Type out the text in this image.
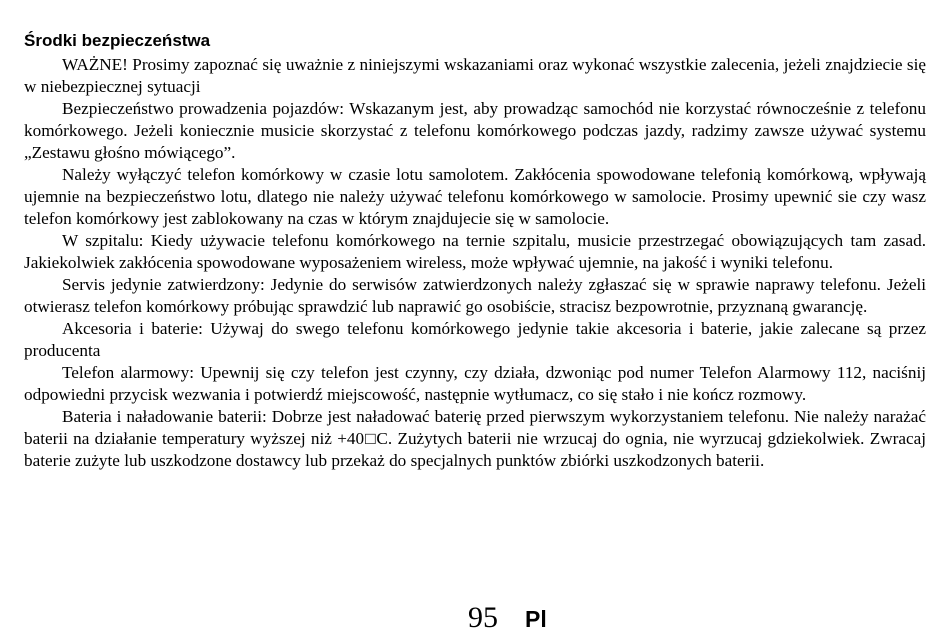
Środki bezpieczeństwa

WAŻNE! Prosimy zapoznać się uważnie z niniejszymi wskazaniami oraz wykonać wszystkie zalecenia, jeżeli znajdziecie się w niebezpiecznej sytuacji

Bezpieczeństwo prowadzenia pojazdów: Wskazanym jest, aby prowadząc samochód nie korzystać równocześnie z telefonu komórkowego. Jeżeli koniecznie musicie skorzystać z telefonu komórkowego podczas jazdy, radzimy zawsze używać systemu „Zestawu głośno mówiącego”.

Należy wyłączyć telefon komórkowy w czasie lotu samolotem. Zakłócenia spowodowane telefonią komórkową, wpływają ujemnie na bezpieczeństwo lotu, dlatego nie należy używać telefonu komórkowego w samolocie. Prosimy upewnić sie czy wasz telefon komórkowy jest zablokowany na czas w którym znajdujecie się w samolocie.

W szpitalu: Kiedy używacie telefonu komórkowego na ternie szpitalu, musicie przestrzegać obowiązujących tam zasad. Jakiekolwiek zakłócenia spowodowane wyposażeniem wireless, może wpływać ujemnie, na jakość i wyniki telefonu.

Servis jedynie zatwierdzony: Jedynie do serwisów zatwierdzonych należy zgłaszać się w sprawie naprawy telefonu. Jeżeli otwierasz telefon komórkowy próbując sprawdzić lub naprawić go osobiście, stracisz bezpowrotnie, przyznaną gwarancję.

Akcesoria i baterie: Używaj do swego telefonu komórkowego jedynie takie akcesoria i baterie, jakie zalecane są przez producenta

Telefon alarmowy: Upewnij się czy telefon jest czynny, czy działa, dzwoniąc pod numer Telefon Alarmowy 112, naciśnij odpowiedni przycisk wezwania i potwierdź miejscowość, następnie wytłumacz, co się stało i nie kończ rozmowy.

Bateria i naładowanie baterii: Dobrze jest naładować baterię przed pierwszym wykorzystaniem telefonu. Nie należy narażać baterii na działanie temperatury wyższej niż +40□C. Zużytych baterii nie wrzucaj do ognia, nie wyrzucaj gdziekolwiek. Zwracaj baterie zużyte lub uszkodzone dostawcy lub przekaż do specjalnych punktów zbiórki uszkodzonych baterii.

95 Pl
